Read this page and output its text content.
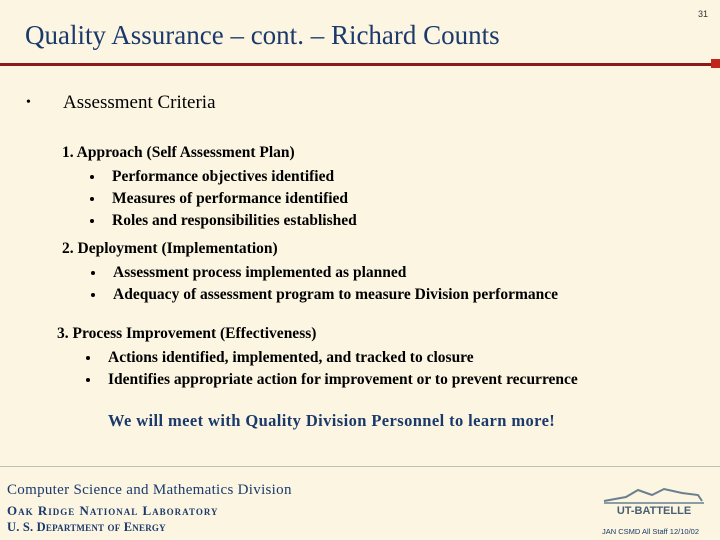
31
Quality Assurance – cont. – Richard Counts
•	Assessment Criteria
1. Approach (Self Assessment Plan)
Performance objectives identified
Measures of performance identified
Roles and responsibilities established
2. Deployment (Implementation)
Assessment process implemented as planned
Adequacy of assessment program to measure Division performance
3. Process Improvement (Effectiveness)
Actions identified, implemented, and tracked to closure
Identifies appropriate action for improvement or to prevent recurrence
We will meet with Quality Division Personnel to learn more!
Computer Science and Mathematics Division
Oak Ridge National Laboratory
U. S. Department of Energy
UT-BATTELLE
JAN CSMD All Staff 12/10/02
